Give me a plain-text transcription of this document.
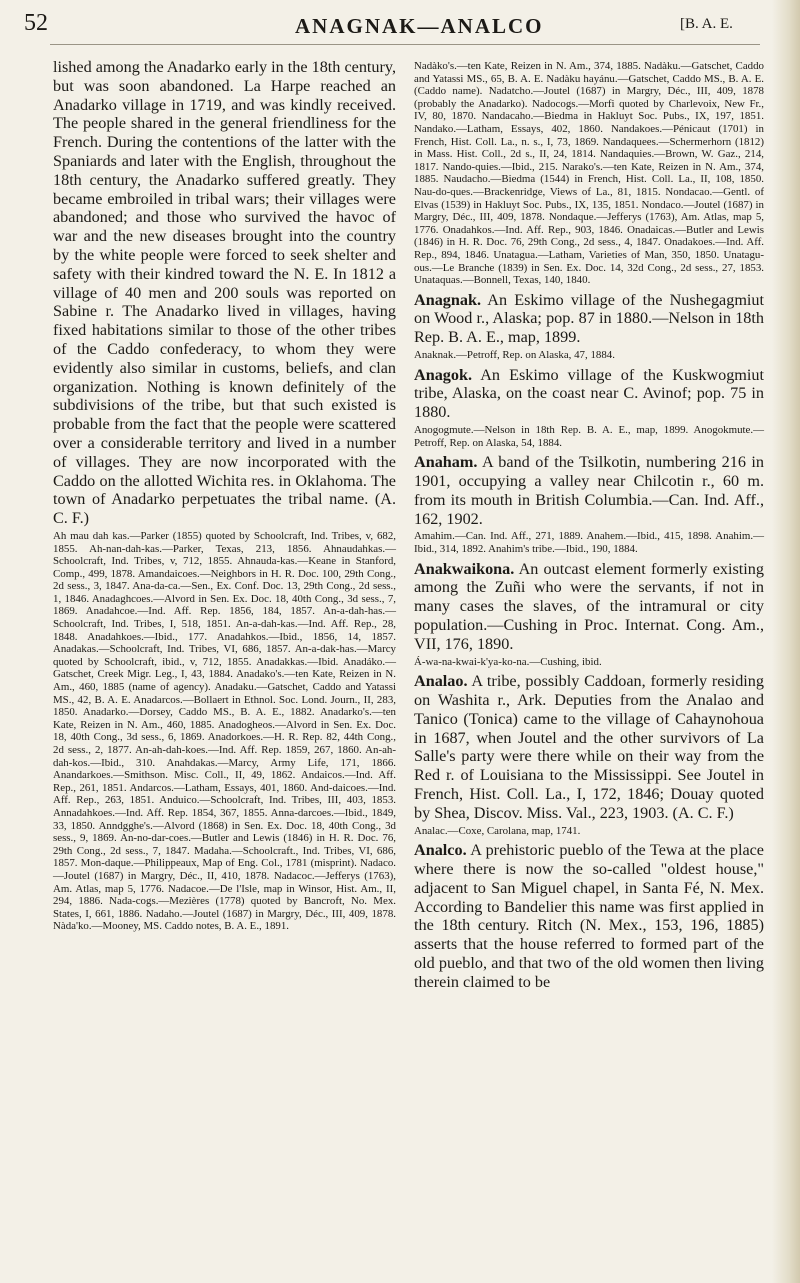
52	ANAGNAK—ANALCO	[B. A. E.

lished among the Anadarko early in the 18th century, but was soon abandoned. La Harpe reached an Anadarko village in 1719, and was kindly received. The people shared in the general friendliness for the French. During the contentions of the latter with the Spaniards and later with the English, throughout the 18th century, the Anadarko suffered greatly. They became embroiled in tribal wars; their villages were abandoned; and those who survived the havoc of war and the new diseases brought into the country by the white people were forced to seek shelter and safety with their kindred toward the N. E. In 1812 a village of 40 men and 200 souls was reported on Sabine r. The Anadarko lived in villages, having fixed habitations similar to those of the other tribes of the Caddo confederacy, to whom they were evidently also similar in customs, beliefs, and clan organization. Nothing is known definitely of the subdivisions of the tribe, but that such existed is probable from the fact that the people were scattered over a considerable territory and lived in a number of villages. They are now incorporated with the Caddo on the allotted Wichita res. in Oklahoma. The town of Anadarko perpetuates the tribal name. (A. C. F.)

Ah mau dah kas.—Parker (1855) quoted by Schoolcraft, Ind. Tribes, v, 682, 1855. Ah-nan-dah-kas.—Parker, Texas, 213, 1856. Ahnaudahkas.—Schoolcraft, Ind. Tribes, v, 712, 1855. Ahnauda-kas.—Keane in Stanford, Comp., 499, 1878. Amandaicoes.—Neighbors in H. R. Doc. 100, 29th Cong., 2d sess., 3, 1847. Ana-da-ca.—Sen., Ex. Conf. Doc. 13, 29th Cong., 2d sess., 1, 1846. Anadaghcoes.—Alvord in Sen. Ex. Doc. 18, 40th Cong., 3d sess., 7, 1869. Anadahcoe.—Ind. Aff. Rep. 1856, 184, 1857. An-a-dah-has.—Schoolcraft, Ind. Tribes, I, 518, 1851. An-a-dah-kas.—Ind. Aff. Rep., 28, 1848. Anadahkoes.—Ibid., 177. Anadahkos.—Ibid., 1856, 14, 1857. Anadakas.—Schoolcraft, Ind. Tribes, VI, 686, 1857. An-a-dak-has.—Marcy quoted by Schoolcraft, ibid., v, 712, 1855. Anadakkas.—Ibid. Anadáko.—Gatschet, Creek Migr. Leg., I, 43, 1884. Anadako's.—ten Kate, Reizen in N. Am., 460, 1885 (name of agency). Anadaku.—Gatschet, Caddo and Yatassi MS., 42, B. A. E. Anadarcos.—Bollaert in Ethnol. Soc. Lond. Journ., II, 283, 1850. Anadarko.—Dorsey, Caddo MS., B. A. E., 1882. Anadarko's.—ten Kate, Reizen in N. Am., 460, 1885. Anadogheos.—Alvord in Sen. Ex. Doc. 18, 40th Cong., 3d sess., 6, 1869. Anadorkoes.—H. R. Rep. 82, 44th Cong., 2d sess., 2, 1877. An-ah-dah-koes.—Ind. Aff. Rep. 1859, 267, 1860. An-ah-dah-kos.—Ibid., 310. Anahdakas.—Marcy, Army Life, 171, 1866. Anandarkoes.—Smithson. Misc. Coll., II, 49, 1862. Andaicos.—Ind. Aff. Rep., 261, 1851. Andarcos.—Latham, Essays, 401, 1860. And-daicoes.—Ind. Aff. Rep., 263, 1851. Anduico.—Schoolcraft, Ind. Tribes, III, 403, 1853. Annadahkoes.—Ind. Aff. Rep. 1854, 367, 1855. Anna-darcoes.—Ibid., 1849, 33, 1850. Anndgghe's.—Alvord (1868) in Sen. Ex. Doc. 18, 40th Cong., 3d sess., 9, 1869. An-no-dar-coes.—Butler and Lewis (1846) in H. R. Doc. 76, 29th Cong., 2d sess., 7, 1847. Madaha.—Schoolcraft., Ind. Tribes, VI, 686, 1857. Mon-daque.—Philippeaux, Map of Eng. Col., 1781 (misprint). Nadaco.—Joutel (1687) in Margry, Déc., II, 410, 1878. Nadacoc.—Jefferys (1763), Am. Atlas, map 5, 1776. Nadacoe.—De l'Isle, map in Winsor, Hist. Am., II, 294, 1886. Nada-cogs.—Mezières (1778) quoted by Bancroft, No. Mex. States, I, 661, 1886. Nadaho.—Joutel (1687) in Margry, Déc., III, 409, 1878. Nàda'ko.—Mooney, MS. Caddo notes, B. A. E., 1891.

Nadàko's.—ten Kate, Reizen in N. Am., 374, 1885. Nadàku.—Gatschet, Caddo and Yatassi MS., 65, B. A. E. Nadàku hayánu.—Gatschet, Caddo MS., B. A. E. (Caddo name). Nadatcho.—Joutel (1687) in Margry, Déc., III, 409, 1878 (probably the Anadarko). Nadocogs.—Morfi quoted by Charlevoix, New Fr., IV, 80, 1870. Nandacaho.—Biedma in Hakluyt Soc. Pubs., IX, 197, 1851. Nandako.—Latham, Essays, 402, 1860. Nandakoes.—Pénicaut (1701) in French, Hist. Coll. La., n. s., I, 73, 1869. Nandaquees.—Schermerhorn (1812) in Mass. Hist. Coll., 2d s., II, 24, 1814. Nandaquies.—Brown, W. Gaz., 214, 1817. Nando-quies.—Ibid., 215. Narako's.—ten Kate, Reizen in N. Am., 374, 1885. Naudacho.—Biedma (1544) in French, Hist. Coll. La., II, 108, 1850. Nau-do-ques.—Brackenridge, Views of La., 81, 1815. Nondacao.—Gentl. of Elvas (1539) in Hakluyt Soc. Pubs., IX, 135, 1851. Nondaco.—Joutel (1687) in Margry, Déc., III, 409, 1878. Nondaque.—Jefferys (1763), Am. Atlas, map 5, 1776. Onadahkos.—Ind. Aff. Rep., 903, 1846. Onadaicas.—Butler and Lewis (1846) in H. R. Doc. 76, 29th Cong., 2d sess., 4, 1847. Onadakoes.—Ind. Aff. Rep., 894, 1846. Unatagua.—Latham, Varieties of Man, 350, 1850. Unatagu-ous.—Le Branche (1839) in Sen. Ex. Doc. 14, 32d Cong., 2d sess., 27, 1853. Unataquas.—Bonnell, Texas, 140, 1840.

Anagnak. An Eskimo village of the Nushegagmiut on Wood r., Alaska; pop. 87 in 1880.—Nelson in 18th Rep. B. A. E., map, 1899.

Anaknak.—Petroff, Rep. on Alaska, 47, 1884.

Anagok. An Eskimo village of the Kuskwogmiut tribe, Alaska, on the coast near C. Avinof; pop. 75 in 1880.

Anogogmute.—Nelson in 18th Rep. B. A. E., map, 1899. Anogokmute.—Petroff, Rep. on Alaska, 54, 1884.

Anaham. A band of the Tsilkotin, numbering 216 in 1901, occupying a valley near Chilcotin r., 60 m. from its mouth in British Columbia.—Can. Ind. Aff., 162, 1902.

Amahim.—Can. Ind. Aff., 271, 1889. Anahem.—Ibid., 415, 1898. Anahim.—Ibid., 314, 1892. Anahim's tribe.—Ibid., 190, 1884.

Anakwaikona. An outcast element formerly existing among the Zuñi who were the servants, if not in many cases the slaves, of the intramural or city population.—Cushing in Proc. Internat. Cong. Am., VII, 176, 1890.

Á-wa-na-kwai-k'ya-ko-na.—Cushing, ibid.

Analao. A tribe, possibly Caddoan, formerly residing on Washita r., Ark. Deputies from the Analao and Tanico (Tonica) came to the village of Cahaynohoua in 1687, when Joutel and the other survivors of La Salle's party were there while on their way from the Red r. of Louisiana to the Mississippi. See Joutel in French, Hist. Coll. La., I, 172, 1846; Douay quoted by Shea, Discov. Miss. Val., 223, 1903. (A. C. F.)

Analac.—Coxe, Carolana, map, 1741.

Analco. A prehistoric pueblo of the Tewa at the place where there is now the so-called "oldest house," adjacent to San Miguel chapel, in Santa Fé, N. Mex. According to Bandelier this name was first applied in the 18th century. Ritch (N. Mex., 153, 196, 1885) asserts that the house referred to formed part of the old pueblo, and that two of the old women then living therein claimed to be
